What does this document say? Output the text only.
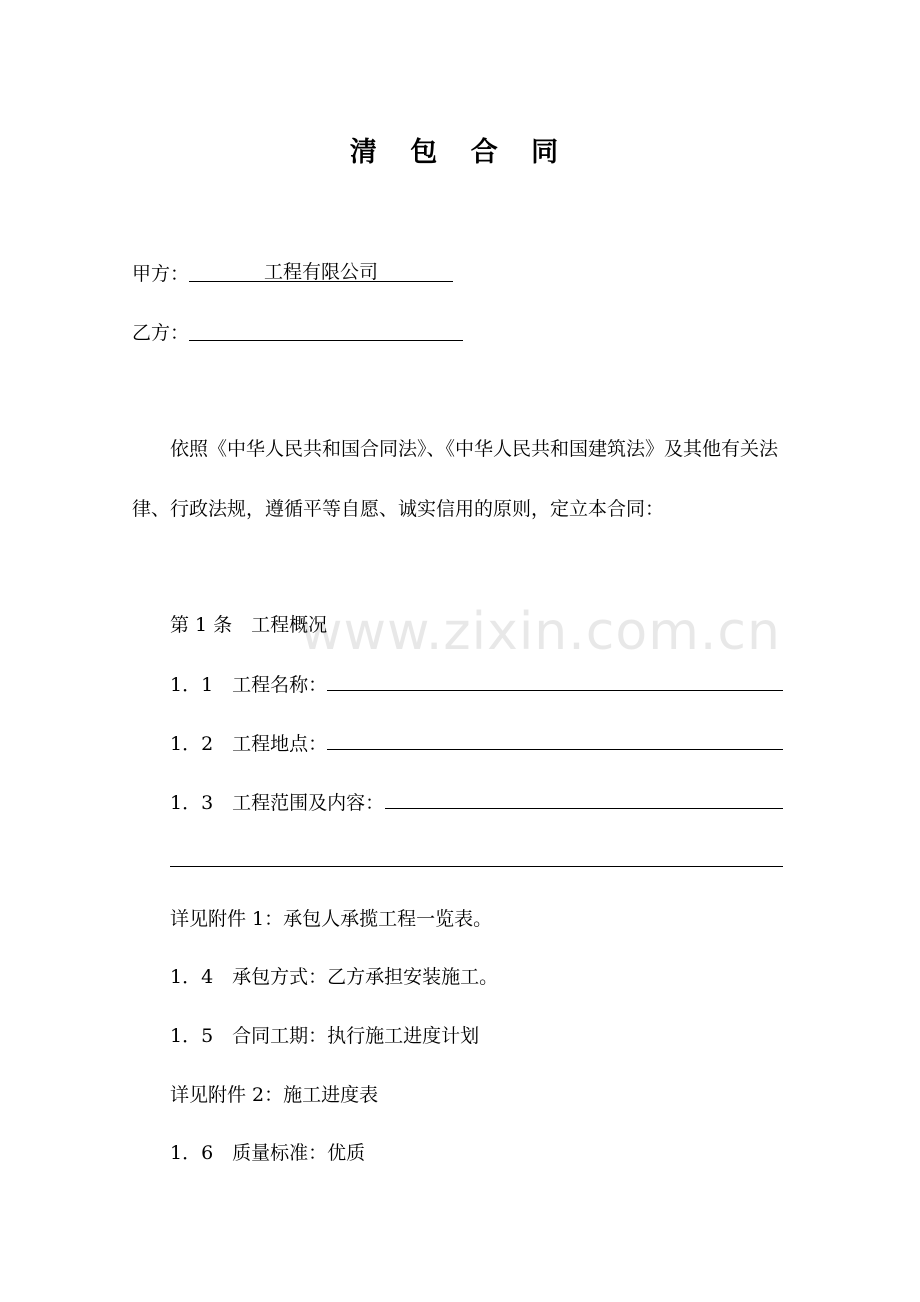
清 包 合 同
甲方：	工程有限公司
乙方：
依照《中华人民共和国合同法》、《中华人民共和国建筑法》及其他有关法
律、行政法规，遵循平等自愿、诚实信用的原则，定立本合同：
www.zixin.com.cn
第 1 条　工程概况
1．1　工程名称：
1．2　工程地点：
1．3　工程范围及内容：
详见附件 1：承包人承揽工程一览表。
1．4　承包方式：乙方承担安装施工。
1．5　合同工期：执行施工进度计划
详见附件 2：施工进度表
1．6　质量标准：优质
